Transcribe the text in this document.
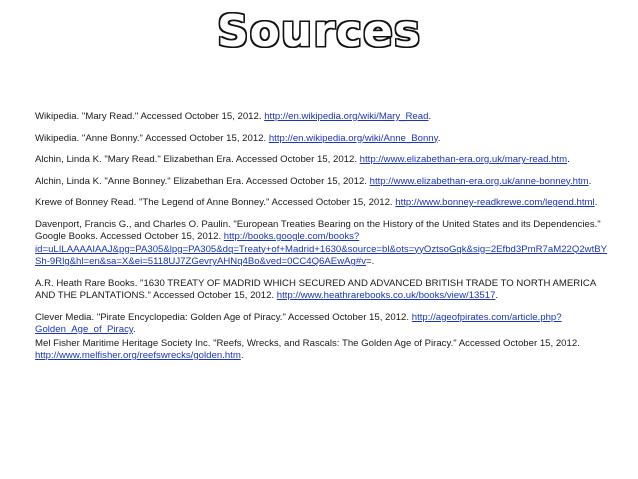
Sources

Wikipedia. "Mary Read." Accessed October 15, 2012. http://en.wikipedia.org/wiki/Mary_Read.

Wikipedia. "Anne Bonny." Accessed October 15, 2012. http://en.wikipedia.org/wiki/Anne_Bonny.

Alchin, Linda K. "Mary Read." Elizabethan Era. Accessed October 15, 2012. http://www.elizabethan-era.org.uk/mary-read.htm.

Alchin, Linda K. "Anne Bonney." Elizabethan Era. Accessed October 15, 2012. http://www.elizabethan-era.org.uk/anne-bonney.htm.

Krewe of Bonney Read. "The Legend of Anne Bonney." Accessed October 15, 2012. http://www.bonney-readkrewe.com/legend.html.

Davenport, Francis G., and Charles O. Paulin. "European Treaties Bearing on the History of the United States and its Dependencies." Google Books. Accessed October 15, 2012. http://books.google.com/books?id=uLILAAAAIAAJ&pg=PA305&lpg=PA305&dq=Treaty+of+Madrid+1630&source=bl&ots=yyOztsoGqk&sig=2Efbd3PmR7aM22Q2wtBYSh-9Rlg&hl=en&sa=X&ei=5118UJ7ZGevryAHNq4Bo&ved=0CC4Q6AEwAg#v=.

A.R. Heath Rare Books. "1630 TREATY OF MADRID WHICH SECURED AND ADVANCED BRITISH TRADE TO NORTH AMERICA AND THE PLANTATIONS." Accessed October 15, 2012. http://www.heathrarebooks.co.uk/books/view/13517.

Clever Media. "Pirate Encyclopedia: Golden Age of Piracy." Accessed October 15, 2012. http://ageofpirates.com/article.php?Golden_Age_of_Piracy.

Mel Fisher Maritime Heritage Society Inc. "Reefs, Wrecks, and Rascals: The Golden Age of Piracy." Accessed October 15, 2012. http://www.melfisher.org/reefswrecks/golden.htm.
